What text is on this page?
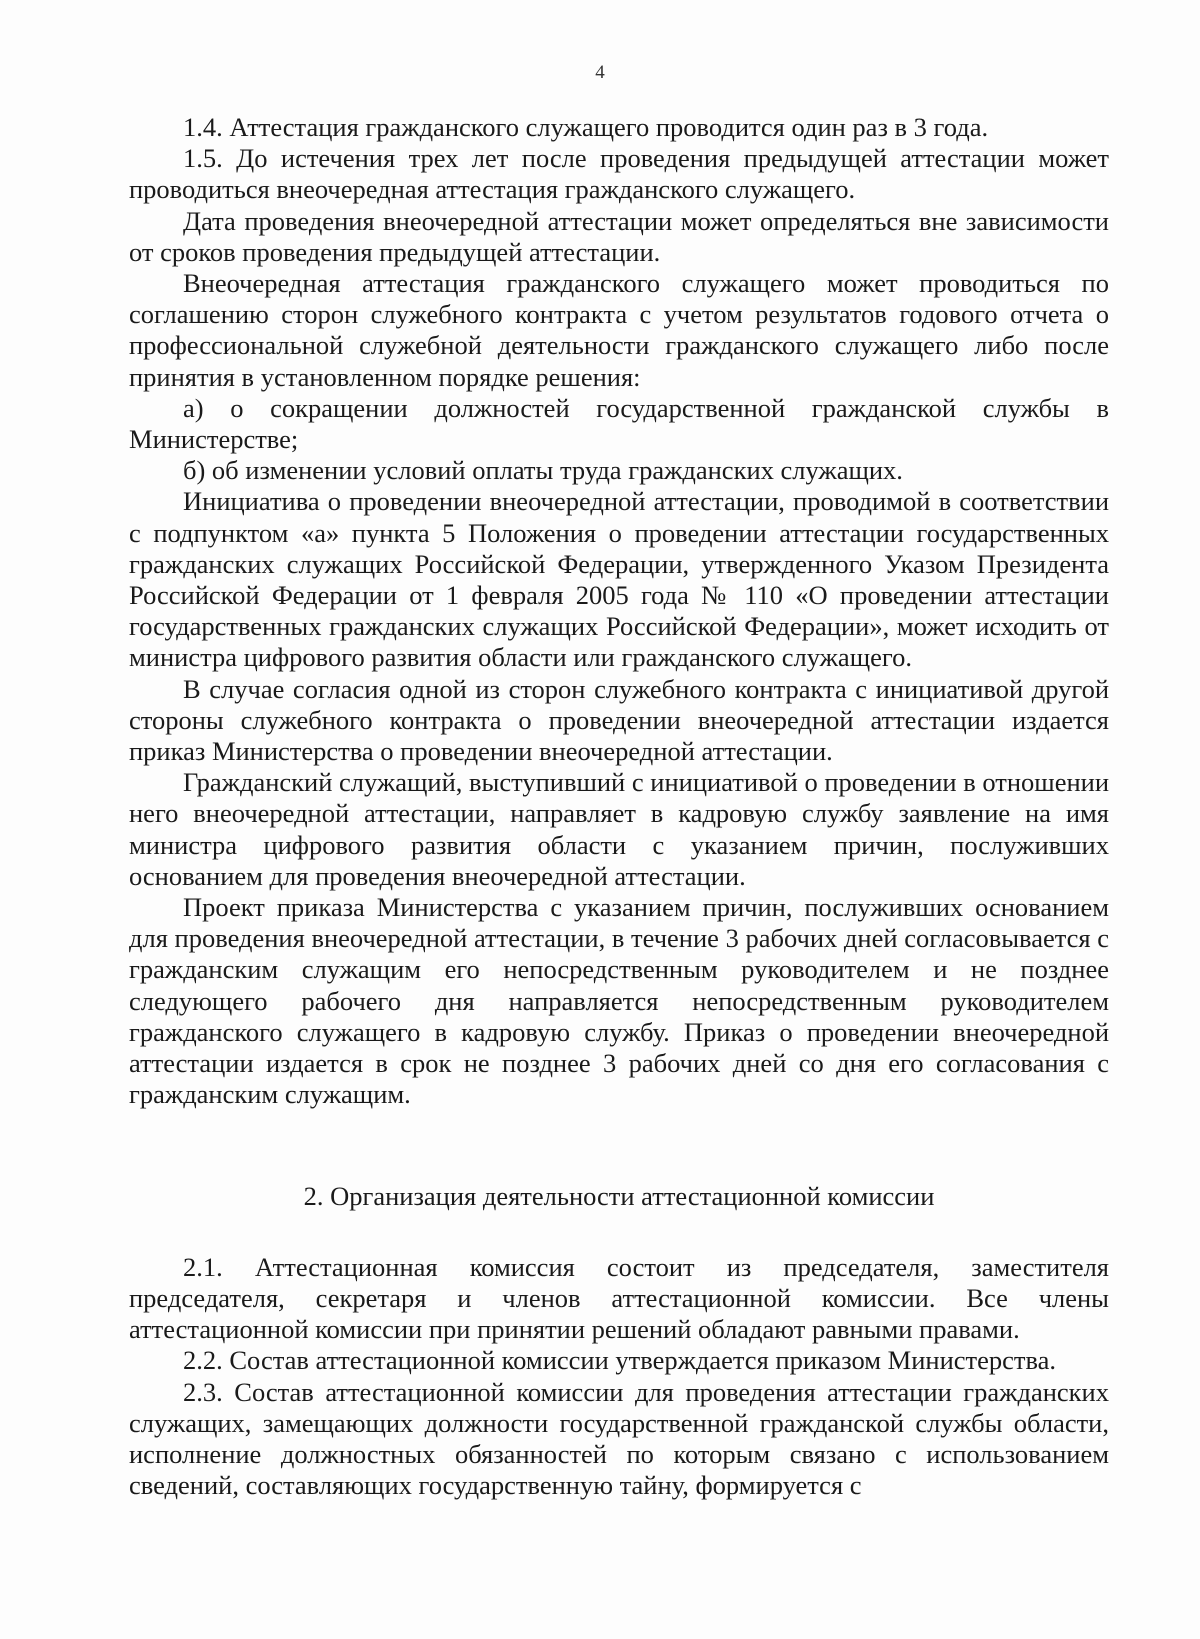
4

1.4. Аттестация гражданского служащего проводится один раз в 3 года.

1.5. До истечения трех лет после проведения предыдущей аттестации может проводиться внеочередная аттестация гражданского служащего.

Дата проведения внеочередной аттестации может определяться вне зависимости от сроков проведения предыдущей аттестации.

Внеочередная аттестация гражданского служащего может проводиться по соглашению сторон служебного контракта с учетом результатов годового отчета о профессиональной служебной деятельности гражданского служащего либо после принятия в установленном порядке решения:

а) о сокращении должностей государственной гражданской службы в Министерстве;

б) об изменении условий оплаты труда гражданских служащих.

Инициатива о проведении внеочередной аттестации, проводимой в соответствии с подпунктом «а» пункта 5 Положения о проведении аттестации государственных гражданских служащих Российской Федерации, утвержденного Указом Президента Российской Федерации от 1 февраля 2005 года № 110 «О проведении аттестации государственных гражданских служащих Российской Федерации», может исходить от министра цифрового развития области или гражданского служащего.

В случае согласия одной из сторон служебного контракта с инициативой другой стороны служебного контракта о проведении внеочередной аттестации издается приказ Министерства о проведении внеочередной аттестации.

Гражданский служащий, выступивший с инициативой о проведении в отношении него внеочередной аттестации, направляет в кадровую службу заявление на имя министра цифрового развития области с указанием причин, послуживших основанием для проведения внеочередной аттестации.

Проект приказа Министерства с указанием причин, послуживших основанием для проведения внеочередной аттестации, в течение 3 рабочих дней согласовывается с гражданским служащим его непосредственным руководителем и не позднее следующего рабочего дня направляется непосредственным руководителем гражданского служащего в кадровую службу. Приказ о проведении внеочередной аттестации издается в срок не позднее 3 рабочих дней со дня его согласования с гражданским служащим.

2. Организация деятельности аттестационной комиссии

2.1. Аттестационная комиссия состоит из председателя, заместителя председателя, секретаря и членов аттестационной комиссии. Все члены аттестационной комиссии при принятии решений обладают равными правами.

2.2. Состав аттестационной комиссии утверждается приказом Министерства.

2.3. Состав аттестационной комиссии для проведения аттестации гражданских служащих, замещающих должности государственной гражданской службы области, исполнение должностных обязанностей по которым связано с использованием сведений, составляющих государственную тайну, формируется с
